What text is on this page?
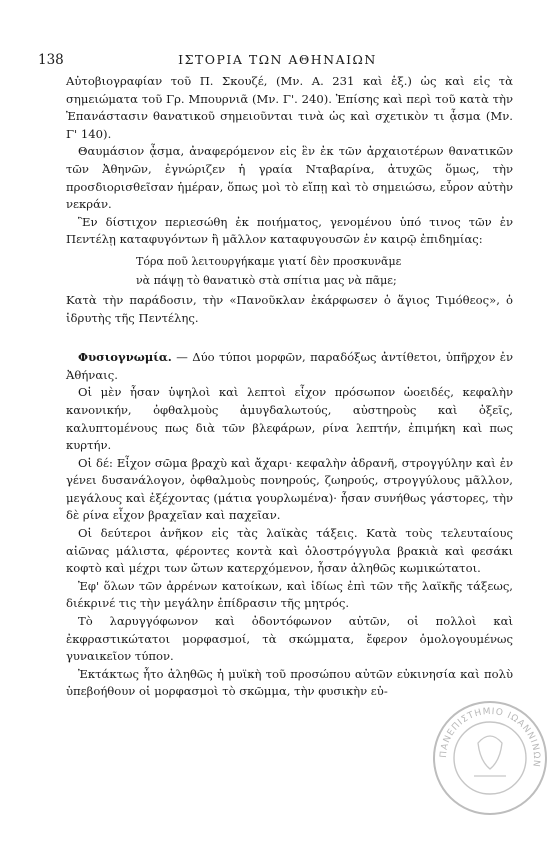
138	ΙΣΤΟΡΙΑ ΤΩΝ ΑΘΗΝΑΙΩΝ

Αὐτοβιογραφίαν τοῦ Π. Σκουζέ, (Μν. Α. 231 καὶ ἑξ.) ὡς καὶ εἰς τὰ σημειώματα τοῦ Γρ. Μπουρνιᾶ (Μν. Γ'. 240). Ἐπίσης καὶ περὶ τοῦ κατὰ τὴν Ἐπανάστασιν θανατικοῦ σημειοῦνται τινὰ ὡς καὶ σχετικὸν τι ᾆσμα (Μν. Γ' 140).

Θαυμάσιον ᾆσμα, ἀναφερόμενον εἰς ἓν ἐκ τῶν ἀρχαιοτέρων θανατικῶν τῶν Ἀθηνῶν, ἐγνώριζεν ἡ γραία Νταβαρίνα, ἀτυχῶς ὅμως, τὴν προσδιορισθεῖσαν ἡμέραν, ὅπως μοὶ τὸ εἴπῃ καὶ τὸ σημειώσω, εὗρον αὐτὴν νεκράν.

Ἓν δίστιχον περιεσώθη ἐκ ποιήματος, γενομένου ὑπό τινος τῶν ἐν Πεντέλῃ καταφυγόντων ἢ μᾶλλον καταφυγουσῶν ἐν καιρῷ ἐπιδημίας:

Τόρα ποῦ λειτουργήκαμε γιατί δὲν προσκυνᾶμε
νὰ πάψῃ τὸ θανατικὸ στὰ σπίτια μας νὰ πᾶμε;

Κατὰ τὴν παράδοσιν, τὴν «Πανοῦκλαν ἐκάρφωσεν ὁ ἅγιος Τιμόθεος», ὁ ἱδρυτὴς τῆς Πεντέλης.

Φυσιογνωμία. — Δύο τύποι μορφῶν, παραδόξως ἀντίθετοι, ὑπῆρχον ἐν Ἀθήναις.

Οἱ μὲν ἦσαν ὑψηλοὶ καὶ λεπτοὶ εἶχον πρόσωπον ὠοειδές, κεφαλὴν κανονικήν, ὀφθαλμοὺς ἀμυγδαλωτούς, αὐστηροὺς καὶ ὀξεῖς, καλυπτομένους πως διὰ τῶν βλεφάρων, ρίνα λεπτήν, ἐπιμήκη καὶ πως κυρτήν.

Οἱ δέ: Εἶχον σῶμα βραχὺ καὶ ἄχαρι· κεφαλὴν ἀδρανῆ, στρογγύλην καὶ ἐν γένει δυσανάλογον, ὀφθαλμοὺς πονηρούς, ζωηρούς, στρογγύλους μᾶλλον, μεγάλους καὶ ἐξέχοντας (μάτια γουρλωμένα)· ἦσαν συνήθως γάστορες, τὴν δὲ ρίνα εἶχον βραχεῖαν καὶ παχεῖαν.

Οἱ δεύτεροι ἀνῆκον εἰς τὰς λαϊκὰς τάξεις. Κατὰ τοὺς τελευταίους αἰῶνας μάλιστα, φέροντες κοντὰ καὶ ὁλοστρόγγυλα βρακιὰ καὶ φεσάκι κοφτὸ καὶ μέχρι των ὤτων κατερχόμενον, ἦσαν ἀληθῶς κωμικώτατοι.

Ἐφ' ὅλων τῶν ἀρρένων κατοίκων, καὶ ἰδίως ἐπὶ τῶν τῆς λαϊκῆς τάξεως, διέκρινέ τις τὴν μεγάλην ἐπίδρασιν τῆς μητρός.

Τὸ λαρυγγόφωνον καὶ ὀδοντόφωνον αὐτῶν, οἱ πολλοὶ καὶ ἐκφραστικώτατοι μορφασμοί, τὰ σκώμματα, ἔφερον ὁμολογουμένως γυναικεῖον τύπον.

Ἐκτάκτως ἦτο ἀληθῶς ἡ μυϊκὴ τοῦ προσώπου αὐτῶν εὐκινησία καὶ πολὺ ὑπεβοήθουν οἱ μορφασμοὶ τὸ σκῶμμα, τὴν φυσικὴν εὐ-

ΠΑΝΕΠΙΣΤΗΜΙΟ ΙΩΑΝΝΙΝΩΝ
